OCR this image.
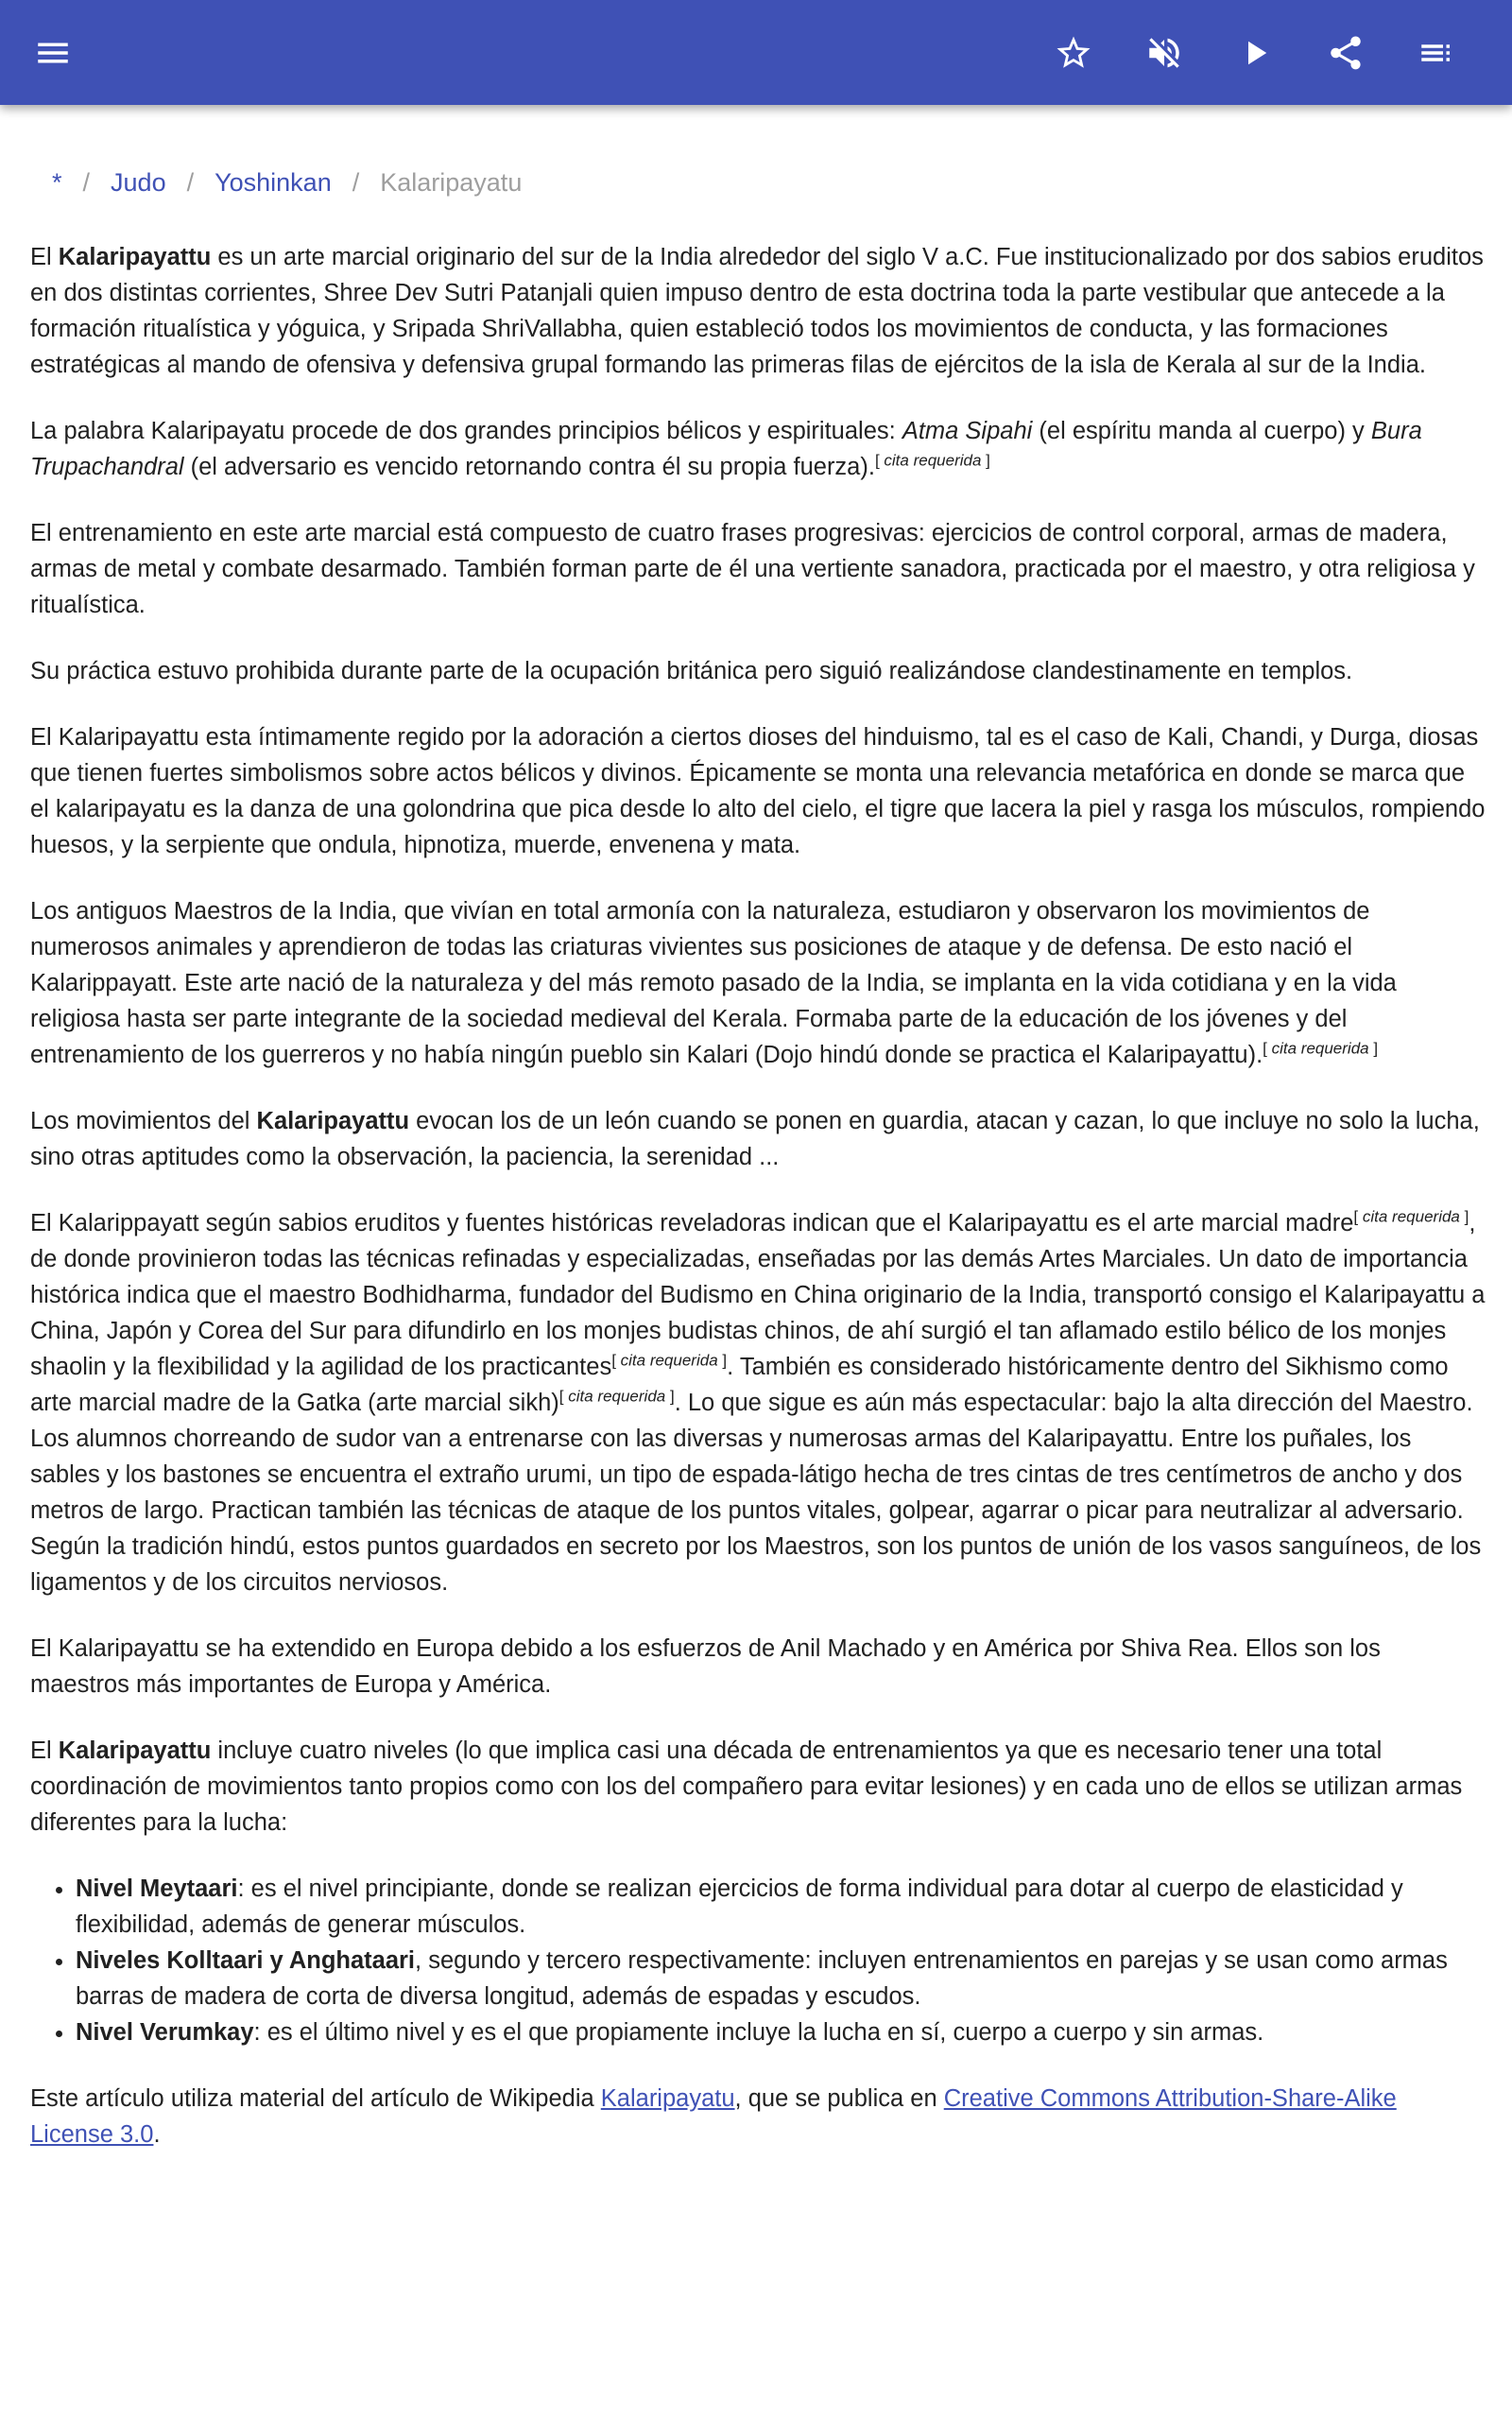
* / Judo / Yoshinkan / Kalaripayatu

El Kalaripayattu es un arte marcial originario del sur de la India alrededor del siglo V a.C. Fue institucionalizado por dos sabios eruditos en dos distintas corrientes, Shree Dev Sutri Patanjali quien impuso dentro de esta doctrina toda la parte vestibular que antecede a la formación ritualística y yóguica, y Sripada ShriVallabha, quien estableció todos los movimientos de conducta, y las formaciones estratégicas al mando de ofensiva y defensiva grupal formando las primeras filas de ejércitos de la isla de Kerala al sur de la India.

La palabra Kalaripayatu procede de dos grandes principios bélicos y espirituales: Atma Sipahi (el espíritu manda al cuerpo) y Bura Trupachandral (el adversario es vencido retornando contra él su propia fuerza).[ cita requerida ]

El entrenamiento en este arte marcial está compuesto de cuatro frases progresivas: ejercicios de control corporal, armas de madera, armas de metal y combate desarmado. También forman parte de él una vertiente sanadora, practicada por el maestro, y otra religiosa y ritualística.

Su práctica estuvo prohibida durante parte de la ocupación británica pero siguió realizándose clandestinamente en templos.

El Kalaripayattu esta íntimamente regido por la adoración a ciertos dioses del hinduismo, tal es el caso de Kali, Chandi, y Durga, diosas que tienen fuertes simbolismos sobre actos bélicos y divinos. Épicamente se monta una relevancia metafórica en donde se marca que el kalaripayatu es la danza de una golondrina que pica desde lo alto del cielo, el tigre que lacera la piel y rasga los músculos, rompiendo huesos, y la serpiente que ondula, hipnotiza, muerde, envenena y mata.

Los antiguos Maestros de la India, que vivían en total armonía con la naturaleza, estudiaron y observaron los movimientos de numerosos animales y aprendieron de todas las criaturas vivientes sus posiciones de ataque y de defensa. De esto nació el Kalarippayatt. Este arte nació de la naturaleza y del más remoto pasado de la India, se implanta en la vida cotidiana y en la vida religiosa hasta ser parte integrante de la sociedad medieval del Kerala. Formaba parte de la educación de los jóvenes y del entrenamiento de los guerreros y no había ningún pueblo sin Kalari (Dojo hindú donde se practica el Kalaripayattu).[ cita requerida ]

Los movimientos del Kalaripayattu evocan los de un león cuando se ponen en guardia, atacan y cazan, lo que incluye no solo la lucha, sino otras aptitudes como la observación, la paciencia, la serenidad ...

El Kalarippayatt según sabios eruditos y fuentes históricas reveladoras indican que el Kalaripayattu es el arte marcial madre[ cita requerida ], de donde provinieron todas las técnicas refinadas y especializadas, enseñadas por las demás Artes Marciales. Un dato de importancia histórica indica que el maestro Bodhidharma, fundador del Budismo en China originario de la India, transportó consigo el Kalaripayattu a China, Japón y Corea del Sur para difundirlo en los monjes budistas chinos, de ahí surgió el tan aflamado estilo bélico de los monjes shaolin y la flexibilidad y la agilidad de los practicantes[ cita requerida ]. También es considerado históricamente dentro del Sikhismo como arte marcial madre de la Gatka (arte marcial sikh)[ cita requerida ]. Lo que sigue es aún más espectacular: bajo la alta dirección del Maestro. Los alumnos chorreando de sudor van a entrenarse con las diversas y numerosas armas del Kalaripayattu. Entre los puñales, los sables y los bastones se encuentra el extraño urumi, un tipo de espada-látigo hecha de tres cintas de tres centímetros de ancho y dos metros de largo. Practican también las técnicas de ataque de los puntos vitales, golpear, agarrar o picar para neutralizar al adversario. Según la tradición hindú, estos puntos guardados en secreto por los Maestros, son los puntos de unión de los vasos sanguíneos, de los ligamentos y de los circuitos nerviosos.

El Kalaripayattu se ha extendido en Europa debido a los esfuerzos de Anil Machado y en América por Shiva Rea. Ellos son los maestros más importantes de Europa y América.

El Kalaripayattu incluye cuatro niveles (lo que implica casi una década de entrenamientos ya que es necesario tener una total coordinación de movimientos tanto propios como con los del compañero para evitar lesiones) y en cada uno de ellos se utilizan armas diferentes para la lucha:

• Nivel Meytaari: es el nivel principiante, donde se realizan ejercicios de forma individual para dotar al cuerpo de elasticidad y flexibilidad, además de generar músculos.
• Niveles Kolltaari y Anghataari, segundo y tercero respectivamente: incluyen entrenamientos en parejas y se usan como armas barras de madera de corta de diversa longitud, además de espadas y escudos.
• Nivel Verumkay: es el último nivel y es el que propiamente incluye la lucha en sí, cuerpo a cuerpo y sin armas.

Este artículo utiliza material del artículo de Wikipedia Kalaripayatu, que se publica en Creative Commons Attribution-Share-Alike License 3.0.
